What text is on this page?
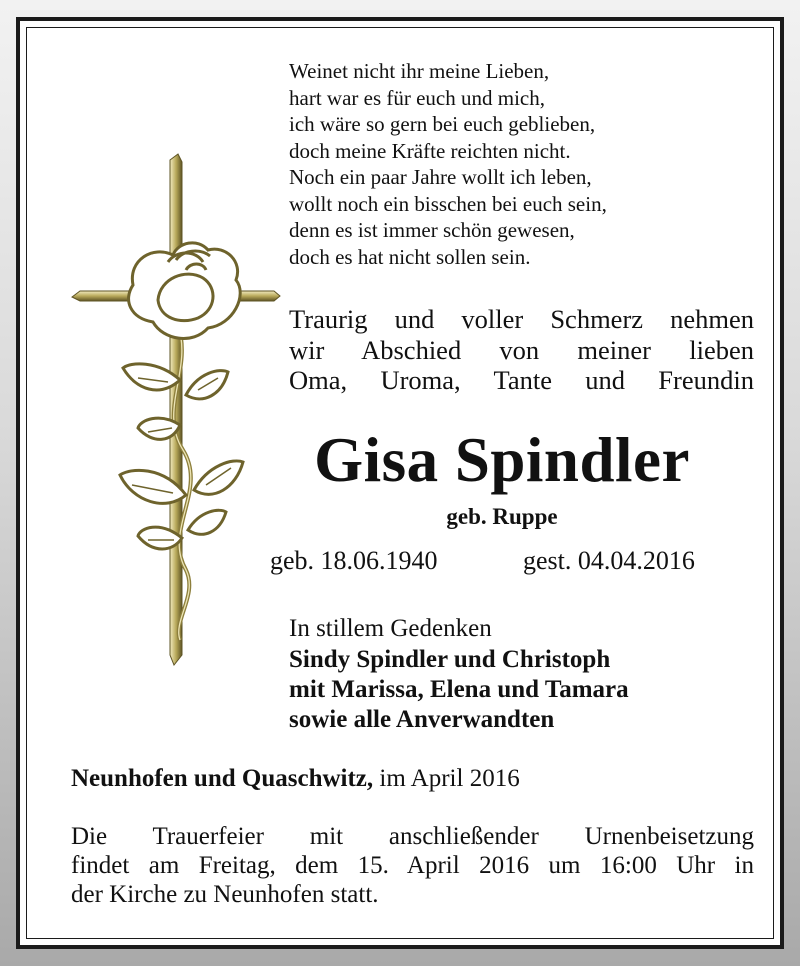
Weinet nicht ihr meine Lieben,
hart war es für euch und mich,
ich wäre so gern bei euch geblieben,
doch meine Kräfte reichten nicht.
Noch ein paar Jahre wollt ich leben,
wollt noch ein bisschen bei euch sein,
denn es ist immer schön gewesen,
doch es hat nicht sollen sein.
Traurig und voller Schmerz nehmen
wir Abschied von meiner lieben
Oma, Uroma, Tante und Freundin
Gisa Spindler
geb. Ruppe
geb. 18.06.1940	gest. 04.04.2016
In stillem Gedenken
Sindy Spindler und Christoph
mit Marissa, Elena und Tamara
sowie alle Anverwandten
Neunhofen und Quaschwitz, im April 2016
Die Trauerfeier mit anschließender Urnenbeisetzung
findet am Freitag, dem 15. April 2016 um 16:00 Uhr in
der Kirche zu Neunhofen statt.
